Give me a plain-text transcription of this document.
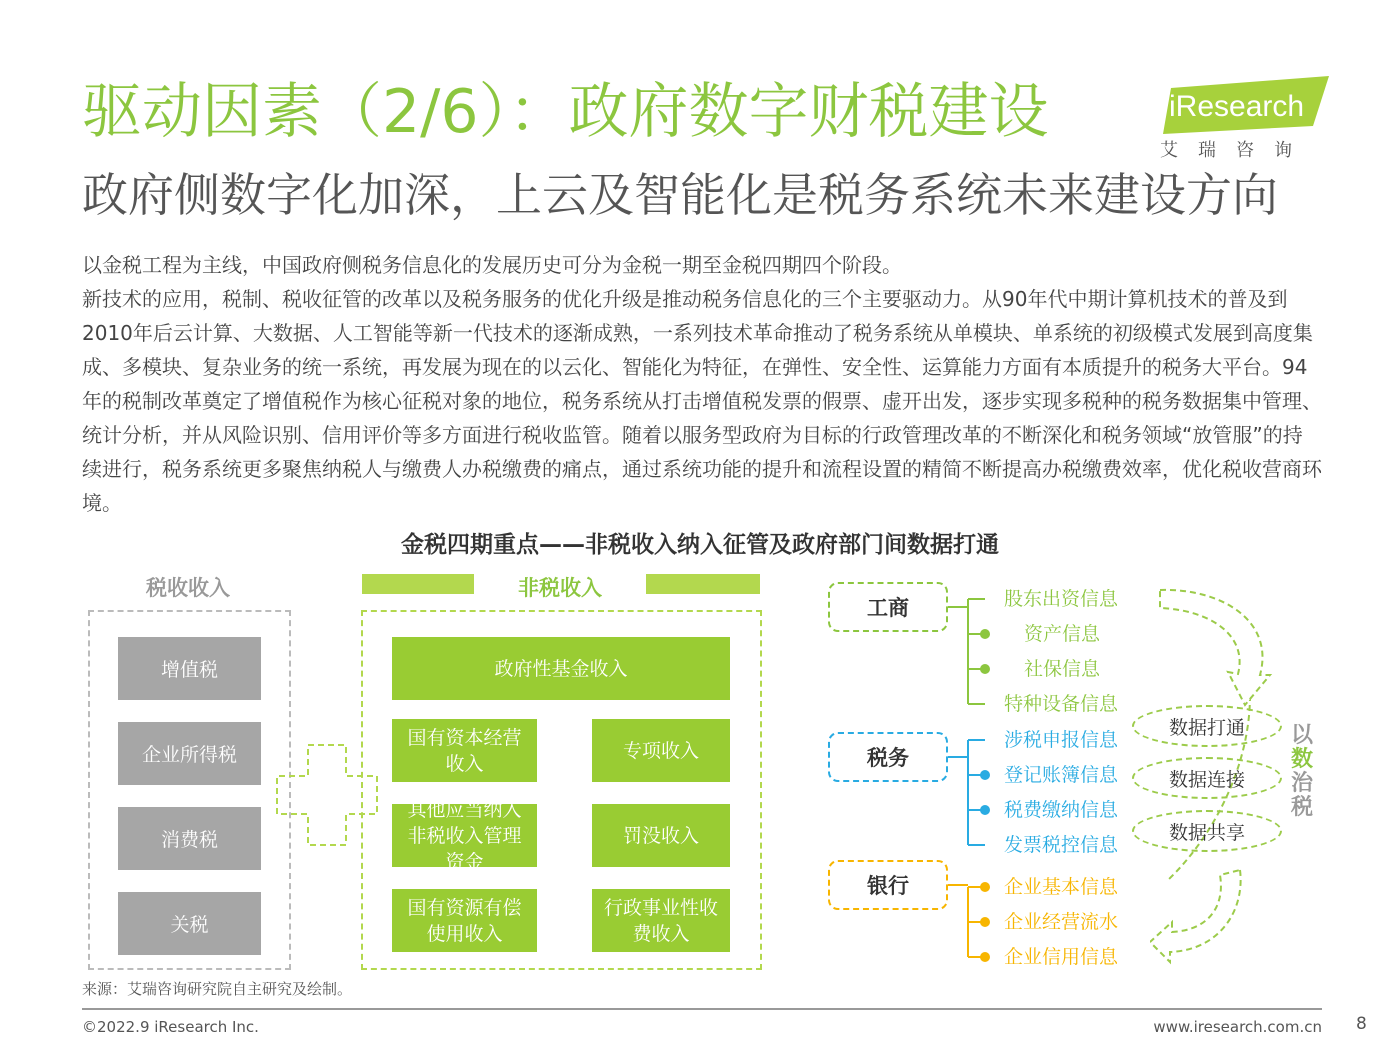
驱动因素（2/6）：政府数字财税建设
政府侧数字化加深，上云及智能化是税务系统未来建设方向
iResearch
艾瑞咨询

以金税工程为主线，中国政府侧税务信息化的发展历史可分为金税一期至金税四期四个阶段。

新技术的应用，税制、税收征管的改革以及税务服务的优化升级是推动税务信息化的三个主要驱动力。从90年代中期计算机技术的普及到2010年后云计算、大数据、人工智能等新一代技术的逐渐成熟，一系列技术革命推动了税务系统从单模块、单系统的初级模式发展到高度集成、多模块、复杂业务的统一系统，再发展为现在的以云化、智能化为特征，在弹性、安全性、运算能力方面有本质提升的税务大平台。94年的税制改革奠定了增值税作为核心征税对象的地位，税务系统从打击增值税发票的假票、虚开出发，逐步实现多税种的税务数据集中管理、统计分析，并从风险识别、信用评价等多方面进行税收监管。随着以服务型政府为目标的行政管理改革的不断深化和税务领域“放管服”的持续进行，税务系统更多聚焦纳税人与缴费人办税缴费的痛点，通过系统功能的提升和流程设置的精简不断提高办税缴费效率，优化税收营商环境。

金税四期重点——非税收入纳入征管及政府部门间数据打通
税收收入
增值税
企业所得税
消费税
关税
非税收入
政府性基金收入
国有资本经营收入
专项收入
其他应当纳入非税收入管理资金
罚没收入
国有资源有偿使用收入
行政事业性收费收入
工商
税务
银行
股东出资信息
资产信息
社保信息
特种设备信息
涉税申报信息
登记账簿信息
税费缴纳信息
发票税控信息
企业基本信息
企业经营流水
企业信用信息
数据打通
数据连接
数据共享
以
数
治
税
来源：艾瑞咨询研究院自主研究及绘制。
©2022.9 iResearch Inc.	www.iresearch.com.cn 8
